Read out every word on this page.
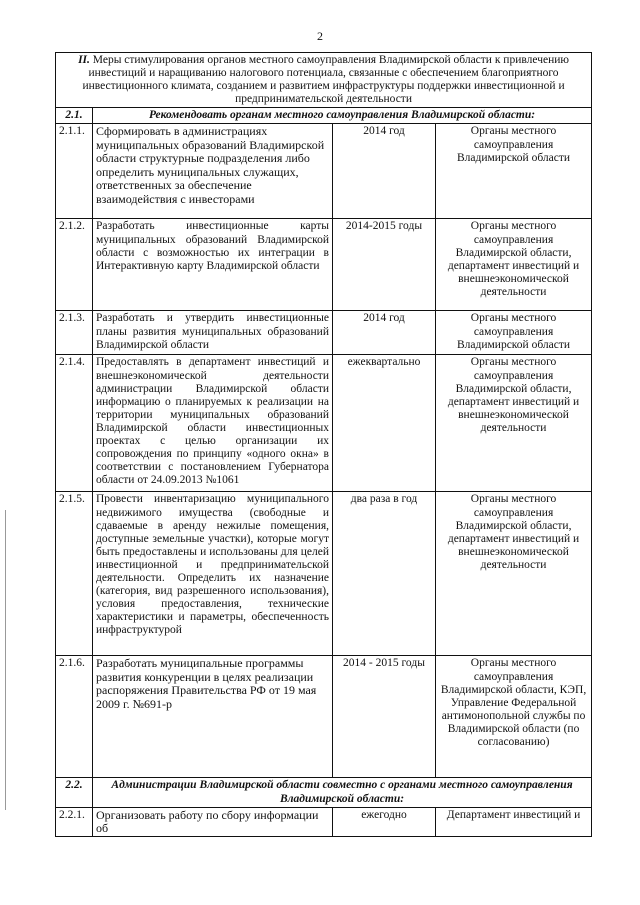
2
II. Меры стимулирования органов местного самоуправления Владимирской области к привлечению инвестиций и наращиванию налогового потенциала, связанные с обеспечением благоприятного инвестиционного климата, созданием и развитием инфраструктуры поддержки инвестиционной и предпринимательской деятельности			
2.1.	Рекомендовать органам местного самоуправления Владимирской области:		
2.1.1.	Сформировать в администрациях муниципальных образований Владимирской области структурные подразделения либо определить муниципальных служащих, ответственных за обеспечение взаимодействия с инвесторами	2014 год	Органы местного самоуправления Владимирской области
2.1.2.	Разработать инвестиционные карты муниципальных образований Владимирской области с возможностью их интеграции в Интерактивную карту Владимирской области	2014-2015 годы	Органы местного самоуправления Владимирской области, департамент инвестиций и внешнеэкономической деятельности
2.1.3.	Разработать и утвердить инвестиционные планы развития муниципальных образований Владимирской области	2014 год	Органы местного самоуправления Владимирской области
2.1.4.	Предоставлять в департамент инвестиций и внешнеэкономической деятельности администрации Владимирской области информацию о планируемых к реализации на территории муниципальных образований Владимирской области инвестиционных проектах с целью организации их сопровождения по принципу «одного окна» в соответствии с постановлением Губернатора области от 24.09.2013 №1061	ежеквартально	Органы местного самоуправления Владимирской области, департамент инвестиций и внешнеэкономической деятельности
2.1.5.	Провести инвентаризацию муниципального недвижимого имущества (свободные и сдаваемые в аренду нежилые помещения, доступные земельные участки), которые могут быть предоставлены и использованы для целей инвестиционной и предпринимательской деятельности. Определить их назначение (категория, вид разрешенного использования), условия предоставления, технические характеристики и параметры, обеспеченность инфраструктурой	два раза в год	Органы местного самоуправления Владимирской области, департамент инвестиций и внешнеэкономической деятельности
2.1.6.	Разработать муниципальные программы развития конкуренции в целях реализации распоряжения Правительства РФ от 19 мая 2009 г. №691-р	2014 - 2015 годы	Органы местного самоуправления Владимирской области, КЭП, Управление Федеральной антимонопольной службы по Владимирской области (по согласованию)
2.2.	Администрации Владимирской области совместно с органами местного самоуправления Владимирской области:		
2.2.1.	Организовать работу по сбору информации об	ежегодно	Департамент инвестиций и
